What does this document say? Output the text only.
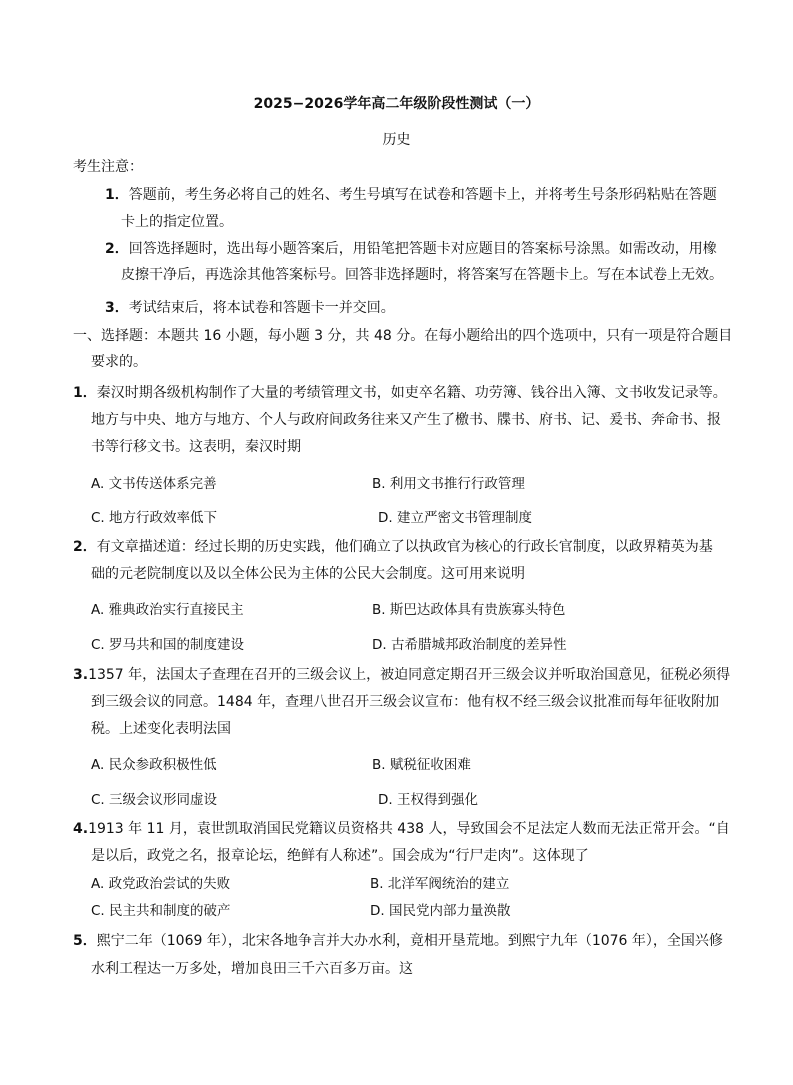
2025−2026学年高二年级阶段性测试（一）
历史
考生注意：
1．答题前，考生务必将自己的姓名、考生号填写在试卷和答题卡上，并将考生号条形码粘贴在答题
卡上的指定位置。
2．回答选择题时，选出每小题答案后，用铅笔把答题卡对应题目的答案标号涂黑。如需改动，用橡
皮擦干净后，再选涂其他答案标号。回答非选择题时，将答案写在答题卡上。写在本试卷上无效。
3．考试结束后，将本试卷和答题卡一并交回。
一、选择题：本题共 16 小题，每小题 3 分，共 48 分。在每小题给出的四个选项中，只有一项是符合题目
要求的。
1．秦汉时期各级机构制作了大量的考绩管理文书，如吏卒名籍、功劳簿、钱谷出入簿、文书收发记录等。
地方与中央、地方与地方、个人与政府间政务往来又产生了檄书、牒书、府书、记、爰书、奔命书、报
书等行移文书。这表明，秦汉时期
A. 文书传送体系完善	B. 利用文书推行行政管理
C. 地方行政效率低下	D. 建立严密文书管理制度
2．有文章描述道：经过长期的历史实践，他们确立了以执政官为核心的行政长官制度，以政界精英为基
础的元老院制度以及以全体公民为主体的公民大会制度。这可用来说明
A. 雅典政治实行直接民主	B. 斯巴达政体具有贵族寡头特色
C. 罗马共和国的制度建设	D. 古希腊城邦政治制度的差异性
3.1357 年，法国太子查理在召开的三级会议上，被迫同意定期召开三级会议并听取治国意见，征税必须得
到三级会议的同意。1484 年，查理八世召开三级会议宣布：他有权不经三级会议批准而每年征收附加
税。上述变化表明法国
A. 民众参政积极性低	B. 赋税征收困难
C. 三级会议形同虚设	D. 王权得到强化
4.1913 年 11 月，袁世凯取消国民党籍议员资格共 438 人，导致国会不足法定人数而无法正常开会。“自
是以后，政党之名，报章论坛，绝鲜有人称述”。国会成为“行尸走肉”。这体现了
A. 政党政治尝试的失败	B. 北洋军阀统治的建立
C. 民主共和制度的破产	D. 国民党内部力量涣散
5．熙宁二年（1069 年），北宋各地争言并大办水利，竟相开垦荒地。到熙宁九年（1076 年），全国兴修
水利工程达一万多处，增加良田三千六百多万亩。这
